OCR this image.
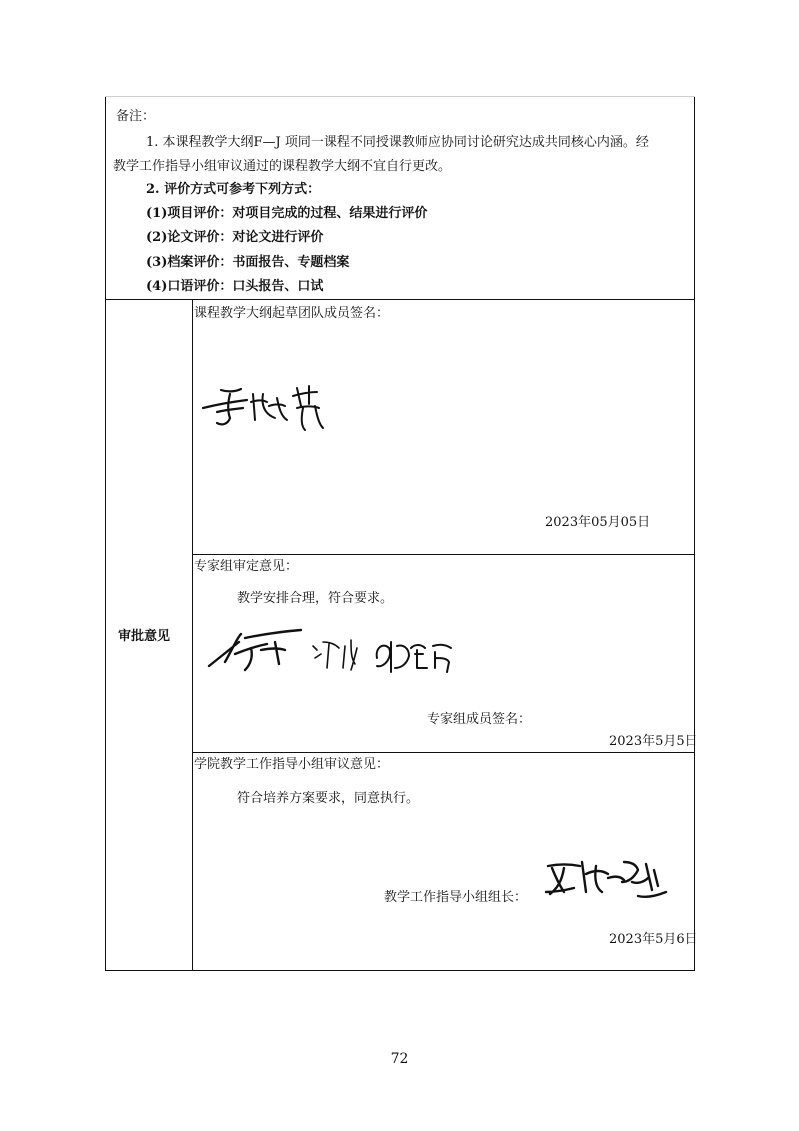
备注：
1. 本课程教学大纲F—J 项同一课程不同授课教师应协同讨论研究达成共同核心内涵。经
教学工作指导小组审议通过的课程教学大纲不宜自行更改。
2. 评价方式可参考下列方式：
(1)项目评价：对项目完成的过程、结果进行评价
(2)论文评价：对论文进行评价
(3)档案评价：书面报告、专题档案
(4)口语评价：口头报告、口试
审批意见
课程教学大纲起草团队成员签名：
2023年05月05日
专家组审定意见：
教学安排合理，符合要求。
专家组成员签名：
2023年5月5日
学院教学工作指导小组审议意见：
符合培养方案要求，同意执行。
教学工作指导小组组长：
2023年5月6日
72
